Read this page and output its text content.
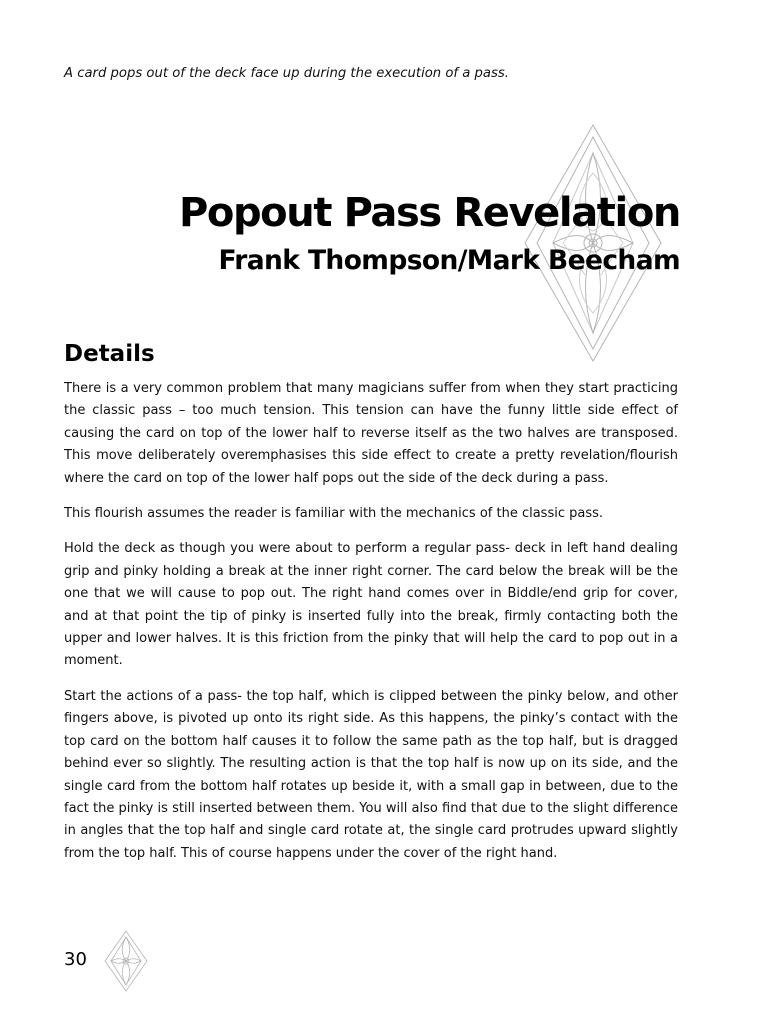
A card pops out of the deck face up during the execution of a pass.
Popout Pass Revelation
Frank Thompson/Mark Beecham
Details

There is a very common problem that many magicians suffer from when they start practicing the classic pass – too much tension. This tension can have the funny little side effect of causing the card on top of the lower half to reverse itself as the two halves are transposed. This move deliberately overemphasises this side effect to create a pretty revelation/flourish where the card on top of the lower half pops out the side of the deck during a pass.

This flourish assumes the reader is familiar with the mechanics of the classic pass.

Hold the deck as though you were about to perform a regular pass- deck in left hand dealing grip and pinky holding a break at the inner right corner. The card below the break will be the one that we will cause to pop out. The right hand comes over in Biddle/end grip for cover, and at that point the tip of pinky is inserted fully into the break, firmly contacting both the upper and lower halves. It is this friction from the pinky that will help the card to pop out in a moment.

Start the actions of a pass- the top half, which is clipped between the pinky below, and other fingers above, is pivoted up onto its right side. As this happens, the pinky’s contact with the top card on the bottom half causes it to follow the same path as the top half, but is dragged behind ever so slightly. The resulting action is that the top half is now up on its side, and the single card from the bottom half rotates up beside it, with a small gap in between, due to the fact the pinky is still inserted between them. You will also find that due to the slight difference in angles that the top half and single card rotate at, the single card protrudes upward slightly from the top half. This of course happens under the cover of the right hand.

30
